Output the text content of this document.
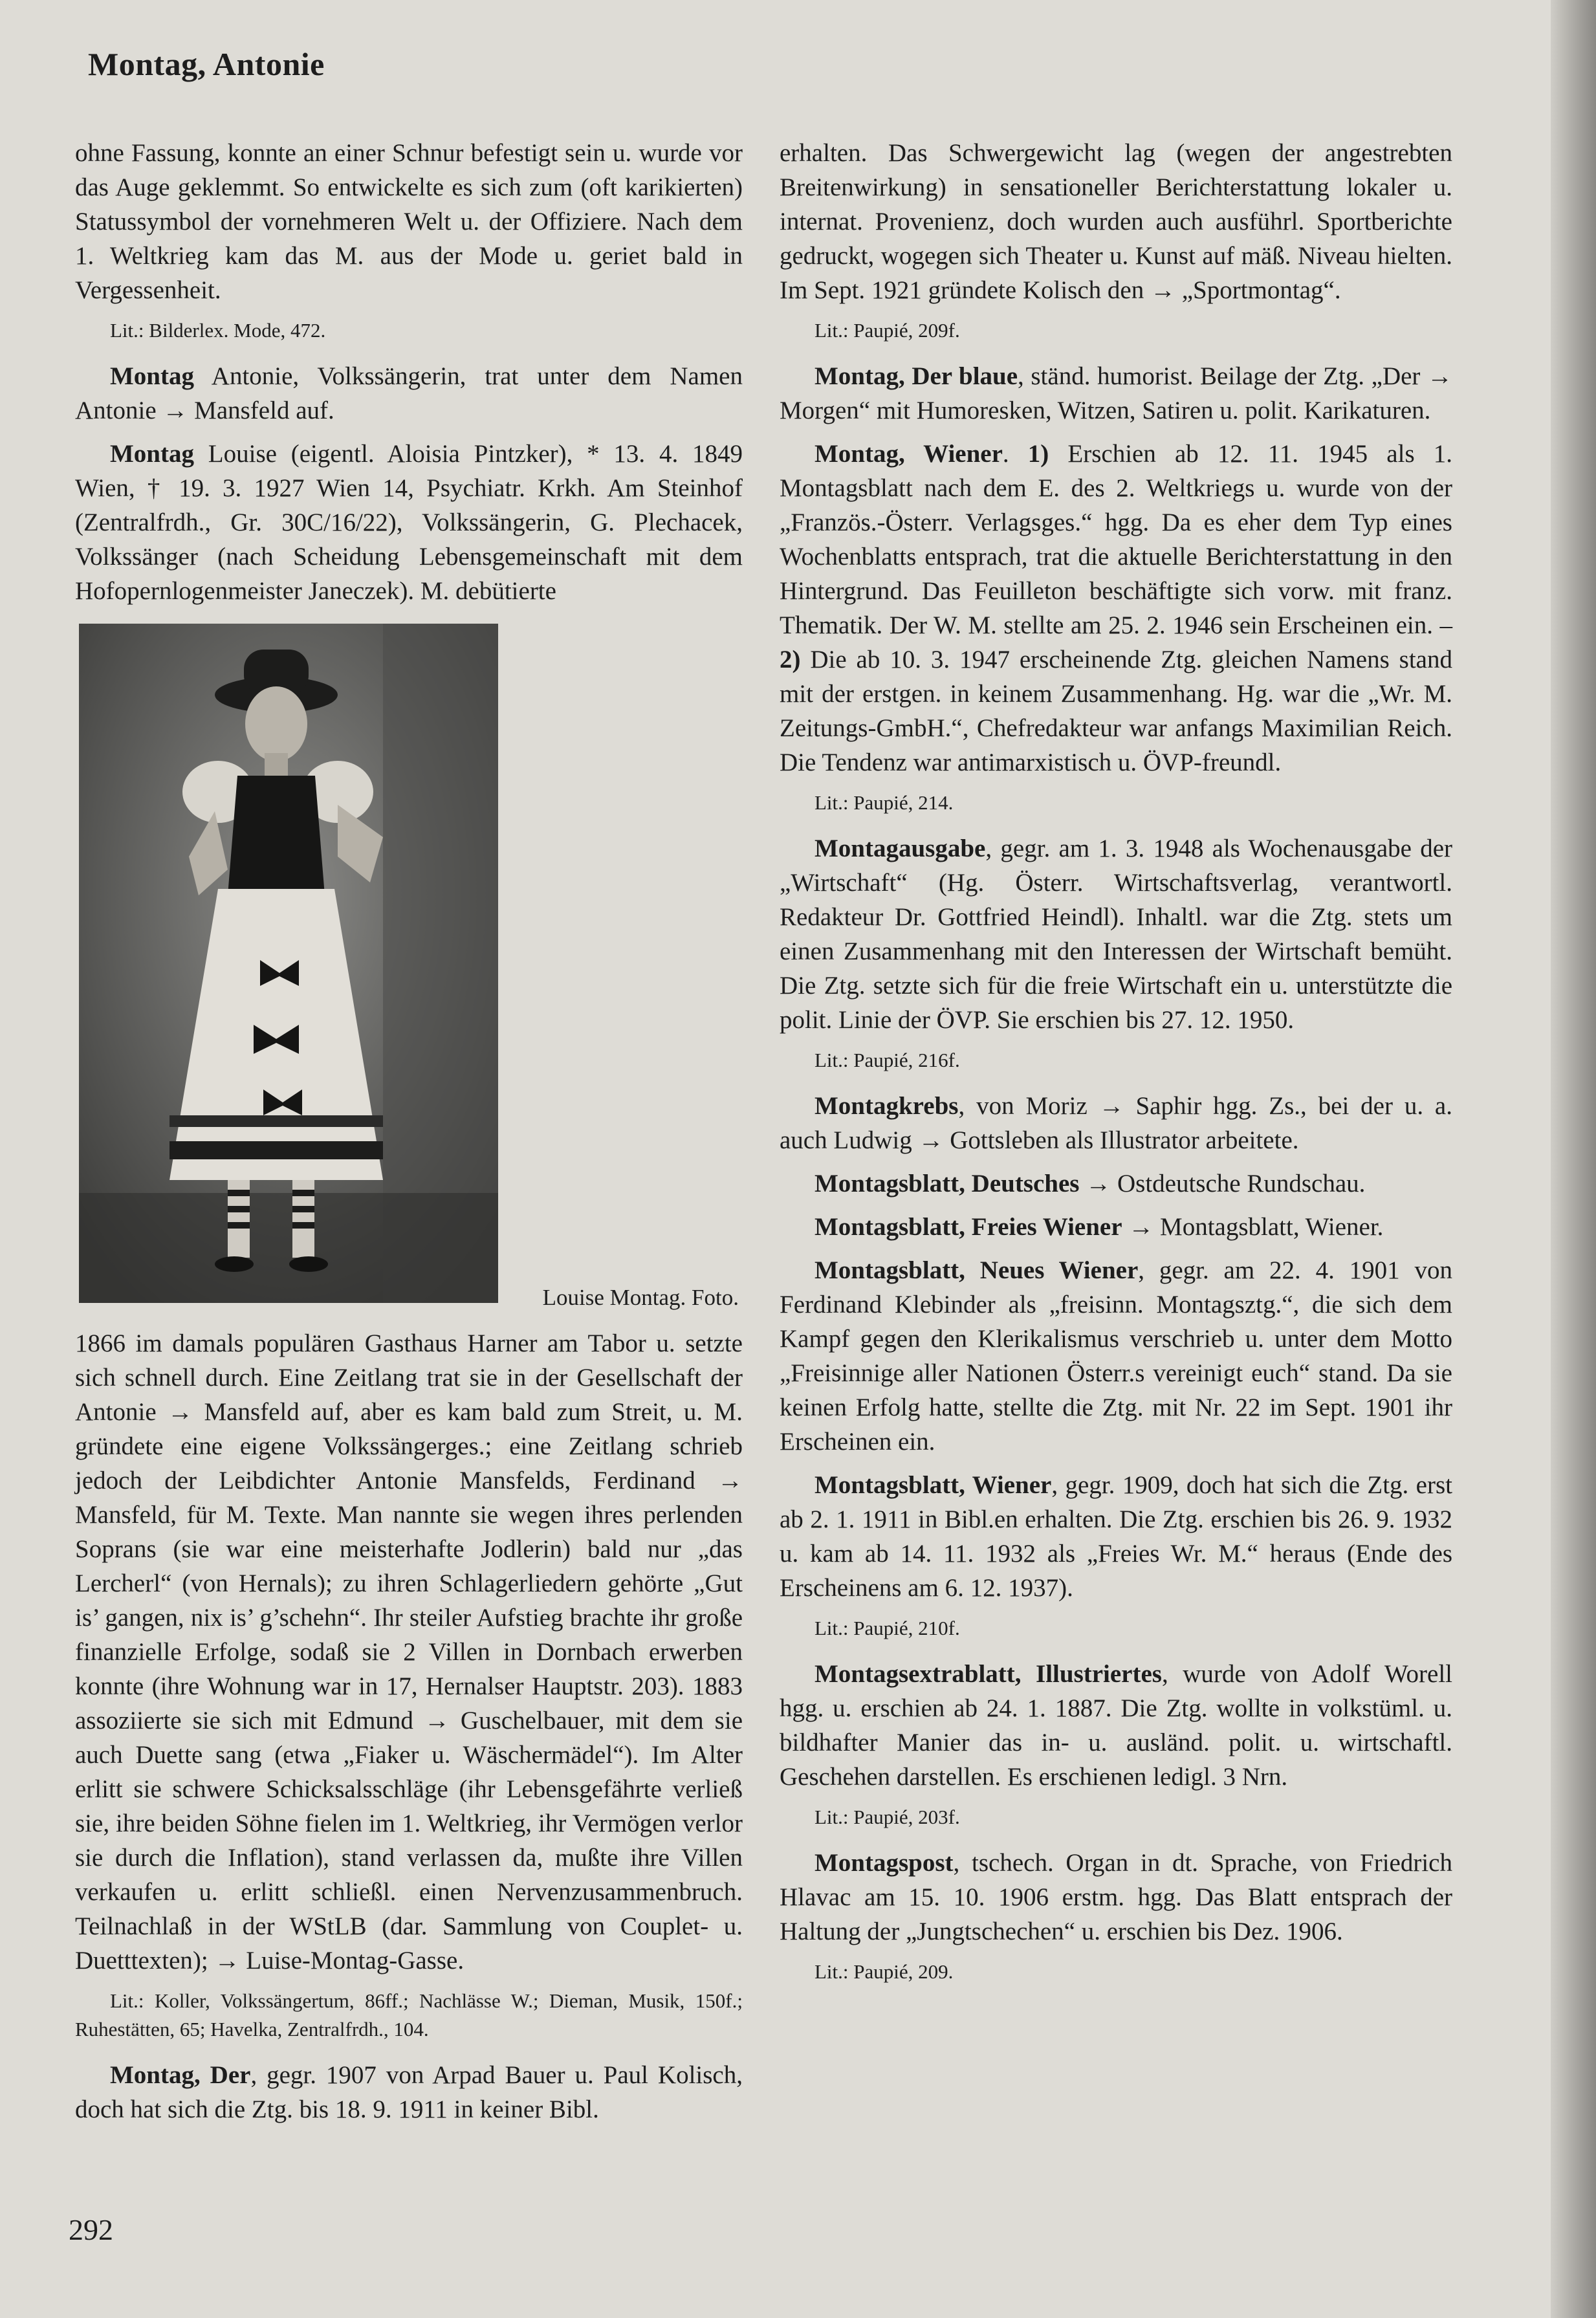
Montag, Antonie

ohne Fassung, konnte an einer Schnur befestigt sein u. wurde vor das Auge geklemmt. So entwickelte es sich zum (oft karikierten) Statussymbol der vornehmeren Welt u. der Offiziere. Nach dem 1. Weltkrieg kam das M. aus der Mode u. geriet bald in Vergessenheit.

Lit.: Bilderlex. Mode, 472.

Montag Antonie, Volkssängerin, trat unter dem Namen Antonie → Mansfeld auf.

Montag Louise (eigentl. Aloisia Pintzker), * 13. 4. 1849 Wien, † 19. 3. 1927 Wien 14, Psychiatr. Krkh. Am Steinhof (Zentralfrdh., Gr. 30C/16/22), Volkssängerin, G. Plechacek, Volkssänger (nach Scheidung Lebensgemeinschaft mit dem Hofopernlogenmeister Janeczek). M. debütierte

Louise Montag. Foto.

1866 im damals populären Gasthaus Harner am Tabor u. setzte sich schnell durch. Eine Zeitlang trat sie in der Gesellschaft der Antonie → Mansfeld auf, aber es kam bald zum Streit, u. M. gründete eine eigene Volkssängerges.; eine Zeitlang schrieb jedoch der Leibdichter Antonie Mansfelds, Ferdinand → Mansfeld, für M. Texte. Man nannte sie wegen ihres perlenden Soprans (sie war eine meisterhafte Jodlerin) bald nur „das Lercherl“ (von Hernals); zu ihren Schlagerliedern gehörte „Gut is’ gangen, nix is’ g’schehn“. Ihr steiler Aufstieg brachte ihr große finanzielle Erfolge, sodaß sie 2 Villen in Dornbach erwerben konnte (ihre Wohnung war in 17, Hernalser Hauptstr. 203). 1883 assoziierte sie sich mit Edmund → Guschelbauer, mit dem sie auch Duette sang (etwa „Fiaker u. Wäschermädel“). Im Alter erlitt sie schwere Schicksalsschläge (ihr Lebensgefährte verließ sie, ihre beiden Söhne fielen im 1. Weltkrieg, ihr Vermögen verlor sie durch die Inflation), stand verlassen da, mußte ihre Villen verkaufen u. erlitt schließl. einen Nervenzusammenbruch. Teilnachlaß in der WStLB (dar. Sammlung von Couplet- u. Duetttexten); → Luise-Montag-Gasse.

Lit.: Koller, Volkssängertum, 86ff.; Nachlässe W.; Dieman, Musik, 150f.; Ruhestätten, 65; Havelka, Zentralfrdh., 104.

Montag, Der, gegr. 1907 von Arpad Bauer u. Paul Kolisch, doch hat sich die Ztg. bis 18. 9. 1911 in keiner Bibl.

erhalten. Das Schwergewicht lag (wegen der angestrebten Breitenwirkung) in sensationeller Berichterstattung lokaler u. internat. Provenienz, doch wurden auch ausführl. Sportberichte gedruckt, wogegen sich Theater u. Kunst auf mäß. Niveau hielten. Im Sept. 1921 gründete Kolisch den → „Sportmontag“.

Lit.: Paupié, 209f.

Montag, Der blaue, ständ. humorist. Beilage der Ztg. „Der → Morgen“ mit Humoresken, Witzen, Satiren u. polit. Karikaturen.

Montag, Wiener. 1) Erschien ab 12. 11. 1945 als 1. Montagsblatt nach dem E. des 2. Weltkriegs u. wurde von der „Französ.-Österr. Verlagsges.“ hgg. Da es eher dem Typ eines Wochenblatts entsprach, trat die aktuelle Berichterstattung in den Hintergrund. Das Feuilleton beschäftigte sich vorw. mit franz. Thematik. Der W. M. stellte am 25. 2. 1946 sein Erscheinen ein. – 2) Die ab 10. 3. 1947 erscheinende Ztg. gleichen Namens stand mit der erstgen. in keinem Zusammenhang. Hg. war die „Wr. M. Zeitungs-GmbH.“, Chefredakteur war anfangs Maximilian Reich. Die Tendenz war antimarxistisch u. ÖVP-freundl.

Lit.: Paupié, 214.

Montagausgabe, gegr. am 1. 3. 1948 als Wochenausgabe der „Wirtschaft“ (Hg. Österr. Wirtschaftsverlag, verantwortl. Redakteur Dr. Gottfried Heindl). Inhaltl. war die Ztg. stets um einen Zusammenhang mit den Interessen der Wirtschaft bemüht. Die Ztg. setzte sich für die freie Wirtschaft ein u. unterstützte die polit. Linie der ÖVP. Sie erschien bis 27. 12. 1950.

Lit.: Paupié, 216f.

Montagkrebs, von Moriz → Saphir hgg. Zs., bei der u. a. auch Ludwig → Gottsleben als Illustrator arbeitete.

Montagsblatt, Deutsches → Ostdeutsche Rundschau.

Montagsblatt, Freies Wiener → Montagsblatt, Wiener.

Montagsblatt, Neues Wiener, gegr. am 22. 4. 1901 von Ferdinand Klebinder als „freisinn. Montagsztg.“, die sich dem Kampf gegen den Klerikalismus verschrieb u. unter dem Motto „Freisinnige aller Nationen Österr.s vereinigt euch“ stand. Da sie keinen Erfolg hatte, stellte die Ztg. mit Nr. 22 im Sept. 1901 ihr Erscheinen ein.

Montagsblatt, Wiener, gegr. 1909, doch hat sich die Ztg. erst ab 2. 1. 1911 in Bibl.en erhalten. Die Ztg. erschien bis 26. 9. 1932 u. kam ab 14. 11. 1932 als „Freies Wr. M.“ heraus (Ende des Erscheinens am 6. 12. 1937).

Lit.: Paupié, 210f.

Montagsextrablatt, Illustriertes, wurde von Adolf Worell hgg. u. erschien ab 24. 1. 1887. Die Ztg. wollte in volkstüml. u. bildhafter Manier das in- u. ausländ. polit. u. wirtschaftl. Geschehen darstellen. Es erschienen ledigl. 3 Nrn.

Lit.: Paupié, 203f.

Montagspost, tschech. Organ in dt. Sprache, von Friedrich Hlavac am 15. 10. 1906 erstm. hgg. Das Blatt entsprach der Haltung der „Jungtschechen“ u. erschien bis Dez. 1906.

Lit.: Paupié, 209.

292
